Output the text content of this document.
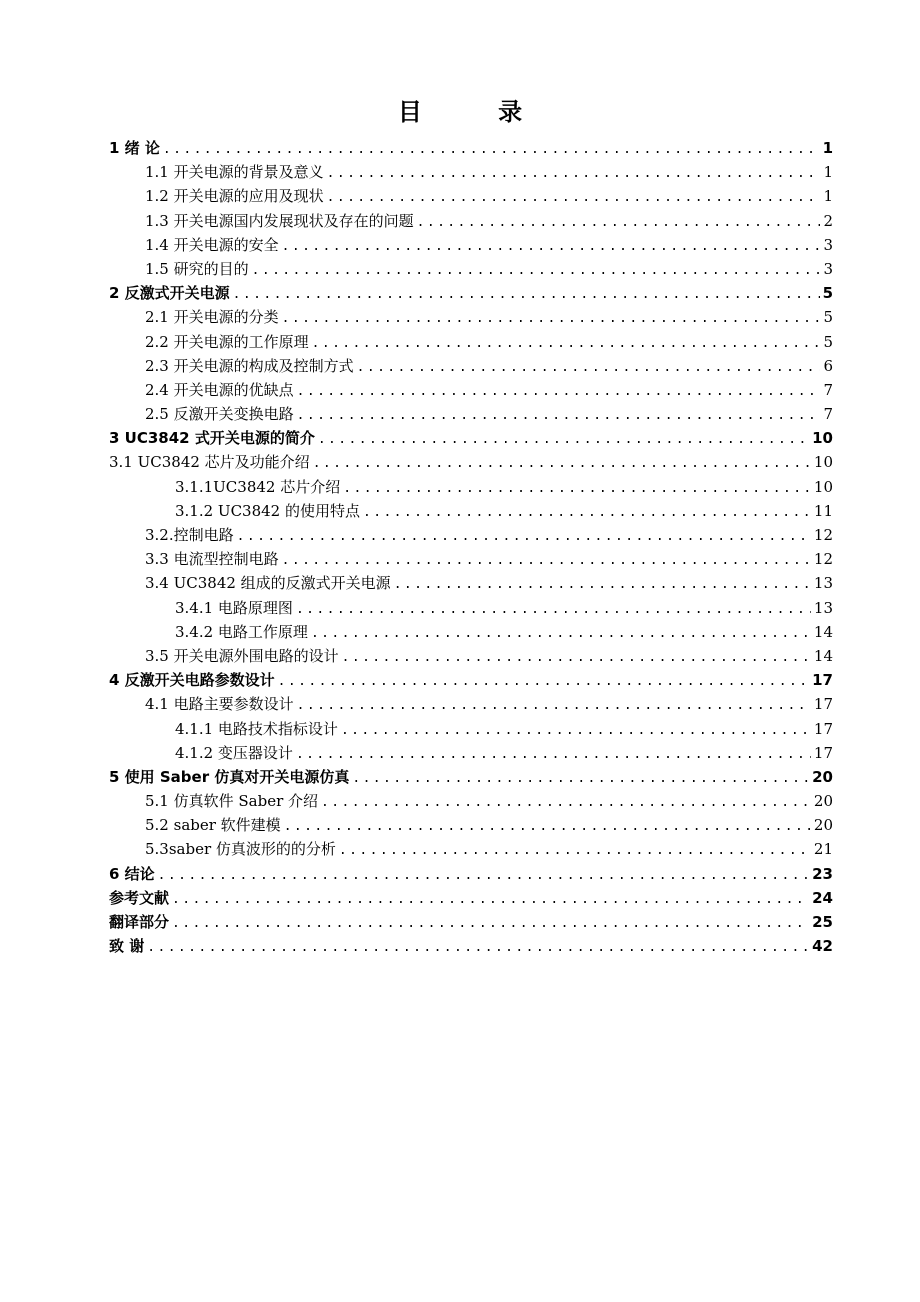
目 录
1 绪 论 .....	1
1.1 开关电源的背景及意义 .....	1
1.2 开关电源的应用及现状 .....	1
1.3 开关电源国内发展现状及存在的问题 .....	2
1.4 开关电源的安全 .....	3
1.5 研究的目的 .....	3
2 反激式开关电源 .....	5
2.1 开关电源的分类 .....	5
2.2 开关电源的工作原理 .....	5
2.3 开关电源的构成及控制方式 .....	6
2.4 开关电源的优缺点 .....	7
2.5 反激开关变换电路 .....	7
3 UC3842 式开关电源的简介 .....	10
3.1 UC3842 芯片及功能介绍 .....	10
3.1.1UC3842 芯片介绍 .....	10
3.1.2 UC3842 的使用特点 .....	11
3.2.控制电路 .....	12
3.3 电流型控制电路 .....	12
3.4 UC3842 组成的反激式开关电源 .....	13
3.4.1 电路原理图 .....	13
3.4.2 电路工作原理 .....	14
3.5 开关电源外围电路的设计 .....	14
4 反激开关电路参数设计 .....	17
4.1 电路主要参数设计 .....	17
4.1.1 电路技术指标设计 .....	17
4.1.2 变压器设计 .....	17
5 使用 Saber 仿真对开关电源仿真 .....	20
5.1 仿真软件 Saber 介绍 .....	20
5.2 saber 软件建模 .....	20
5.3saber 仿真波形的的分析 .....	21
6 结论 .....	23
参考文献 .....	24
翻译部分 .....	25
致 谢 .....	42
